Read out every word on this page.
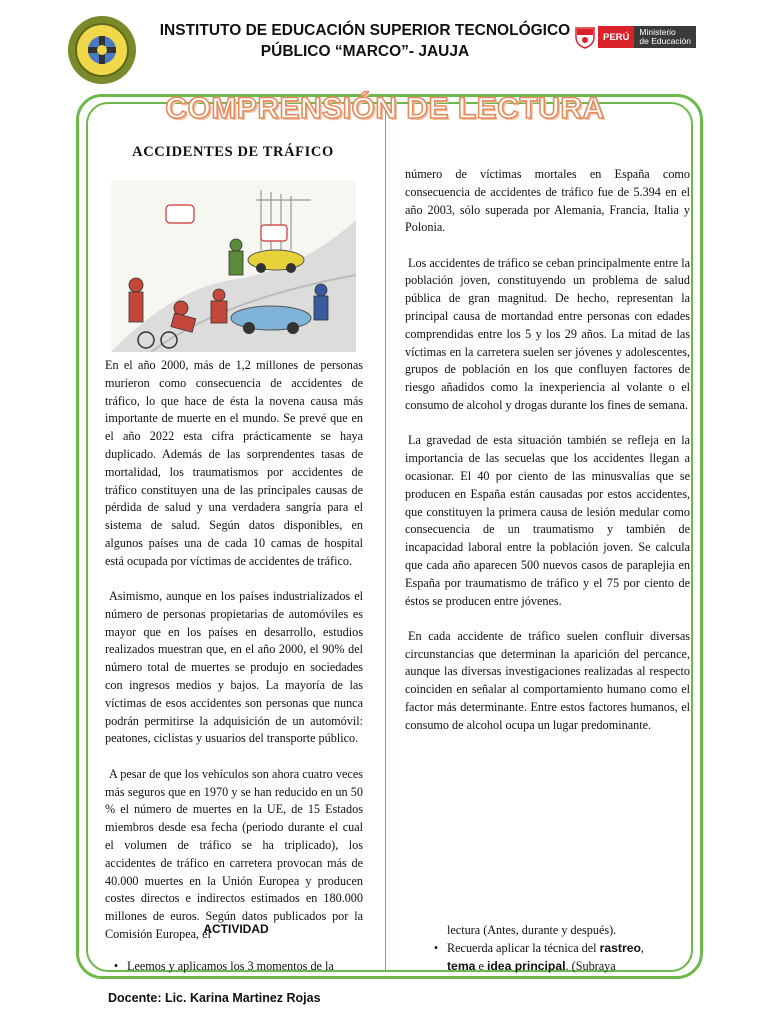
INSTITUTO DE EDUCACIÓN SUPERIOR TECNOLÓGICO
PÚBLICO “MARCO”- JAUJA
PERÚ	Ministerio
de Educación
COMPRENSIÓN DE LECTURA
ACCIDENTES DE TRÁFICO

En el año 2000, más de 1,2 millones de personas murieron como consecuencia de accidentes de tráfico, lo que hace de ésta la novena causa más importante de muerte en el mundo. Se prevé que en el año 2022 esta cifra prácticamente se haya duplicado. Además de las sorprendentes tasas de mortalidad, los traumatismos por accidentes de tráfico constituyen una de las principales causas de pérdida de salud y una verdadera sangría para el sistema de salud. Según datos disponibles, en algunos países una de cada 10 camas de hospital está ocupada por víctimas de accidentes de tráfico.

Asimismo, aunque en los países industrializados el número de personas propietarias de automóviles es mayor que en los países en desarrollo, estudios realizados muestran que, en el año 2000, el 90% del número total de muertes se produjo en sociedades con ingresos medios y bajos. La mayoría de las víctimas de esos accidentes son personas que nunca podrán permitirse la adquisición de un automóvil: peatones, ciclistas y usuarios del transporte público.

A pesar de que los vehículos son ahora cuatro veces más seguros que en 1970 y se han reducido en un 50 % el número de muertes en la UE, de 15 Estados miembros desde esa fecha (periodo durante el cual el volumen de tráfico se ha triplicado), los accidentes de tráfico en carretera provocan más de 40.000 muertes en la Unión Europea y producen costes directos e indirectos estimados en 180.000 millones de euros. Según datos publicados por la Comisión Europea, el

ACTIVIDAD

• Leemos y aplicamos los 3 momentos de la

número de víctimas mortales en España como consecuencia de accidentes de tráfico fue de 5.394 en el año 2003, sólo superada por Alemania, Francia, Italia y Polonia.

Los accidentes de tráfico se ceban principalmente entre la población joven, constituyendo un problema de salud pública de gran magnitud. De hecho, representan la principal causa de mortandad entre personas con edades comprendidas entre los 5 y los 29 años. La mitad de las víctimas en la carretera suelen ser jóvenes y adolescentes, grupos de población en los que confluyen factores de riesgo añadidos como la inexperiencia al volante o el consumo de alcohol y drogas durante los fines de semana.

La gravedad de esta situación también se refleja en la importancia de las secuelas que los accidentes llegan a ocasionar. El 40 por ciento de las minusvalías que se producen en España están causadas por estos accidentes, que constituyen la primera causa de lesión medular como consecuencia de un traumatismo y también de incapacidad laboral entre la población joven. Se calcula que cada año aparecen 500 nuevos casos de paraplejia en España por traumatismo de tráfico y el 75 por ciento de éstos se producen entre jóvenes.

En cada accidente de tráfico suelen confluir diversas circunstancias que determinan la aparición del percance, aunque las diversas investigaciones realizadas al respecto coinciden en señalar al comportamiento humano como el factor más determinante. Entre estos factores humanos, el consumo de alcohol ocupa un lugar predominante.

lectura (Antes, durante y después).

• Recuerda aplicar la técnica del rastreo,
tema e idea principal. (Subraya

Docente: Lic. Karina Martinez Rojas
